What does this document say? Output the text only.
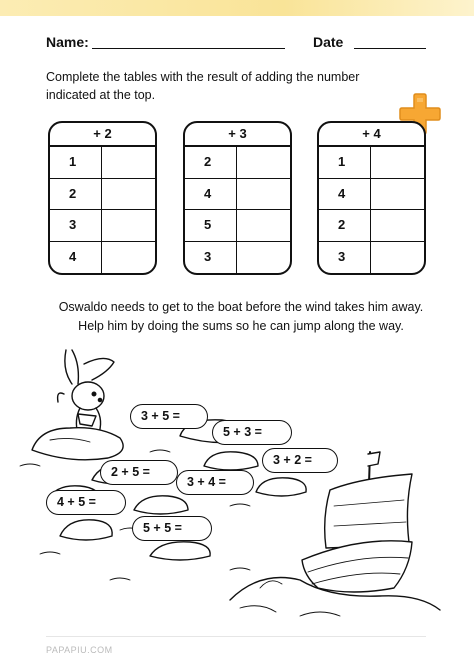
Name:	Date
Complete the tables with the result of adding the number indicated at the top.
+ 2
1
2
3
4
+ 3
2
4
5
3
+ 4
1
4
2
3
Oswaldo needs to get to the boat before the wind takes him away. Help him by doing the sums so he can jump along the way.
3 + 5 =
5 + 3 =
3 + 2 =
2 + 5 =
3 + 4 =
4 + 5 =
5 + 5 =
PAPAPIU.COM
